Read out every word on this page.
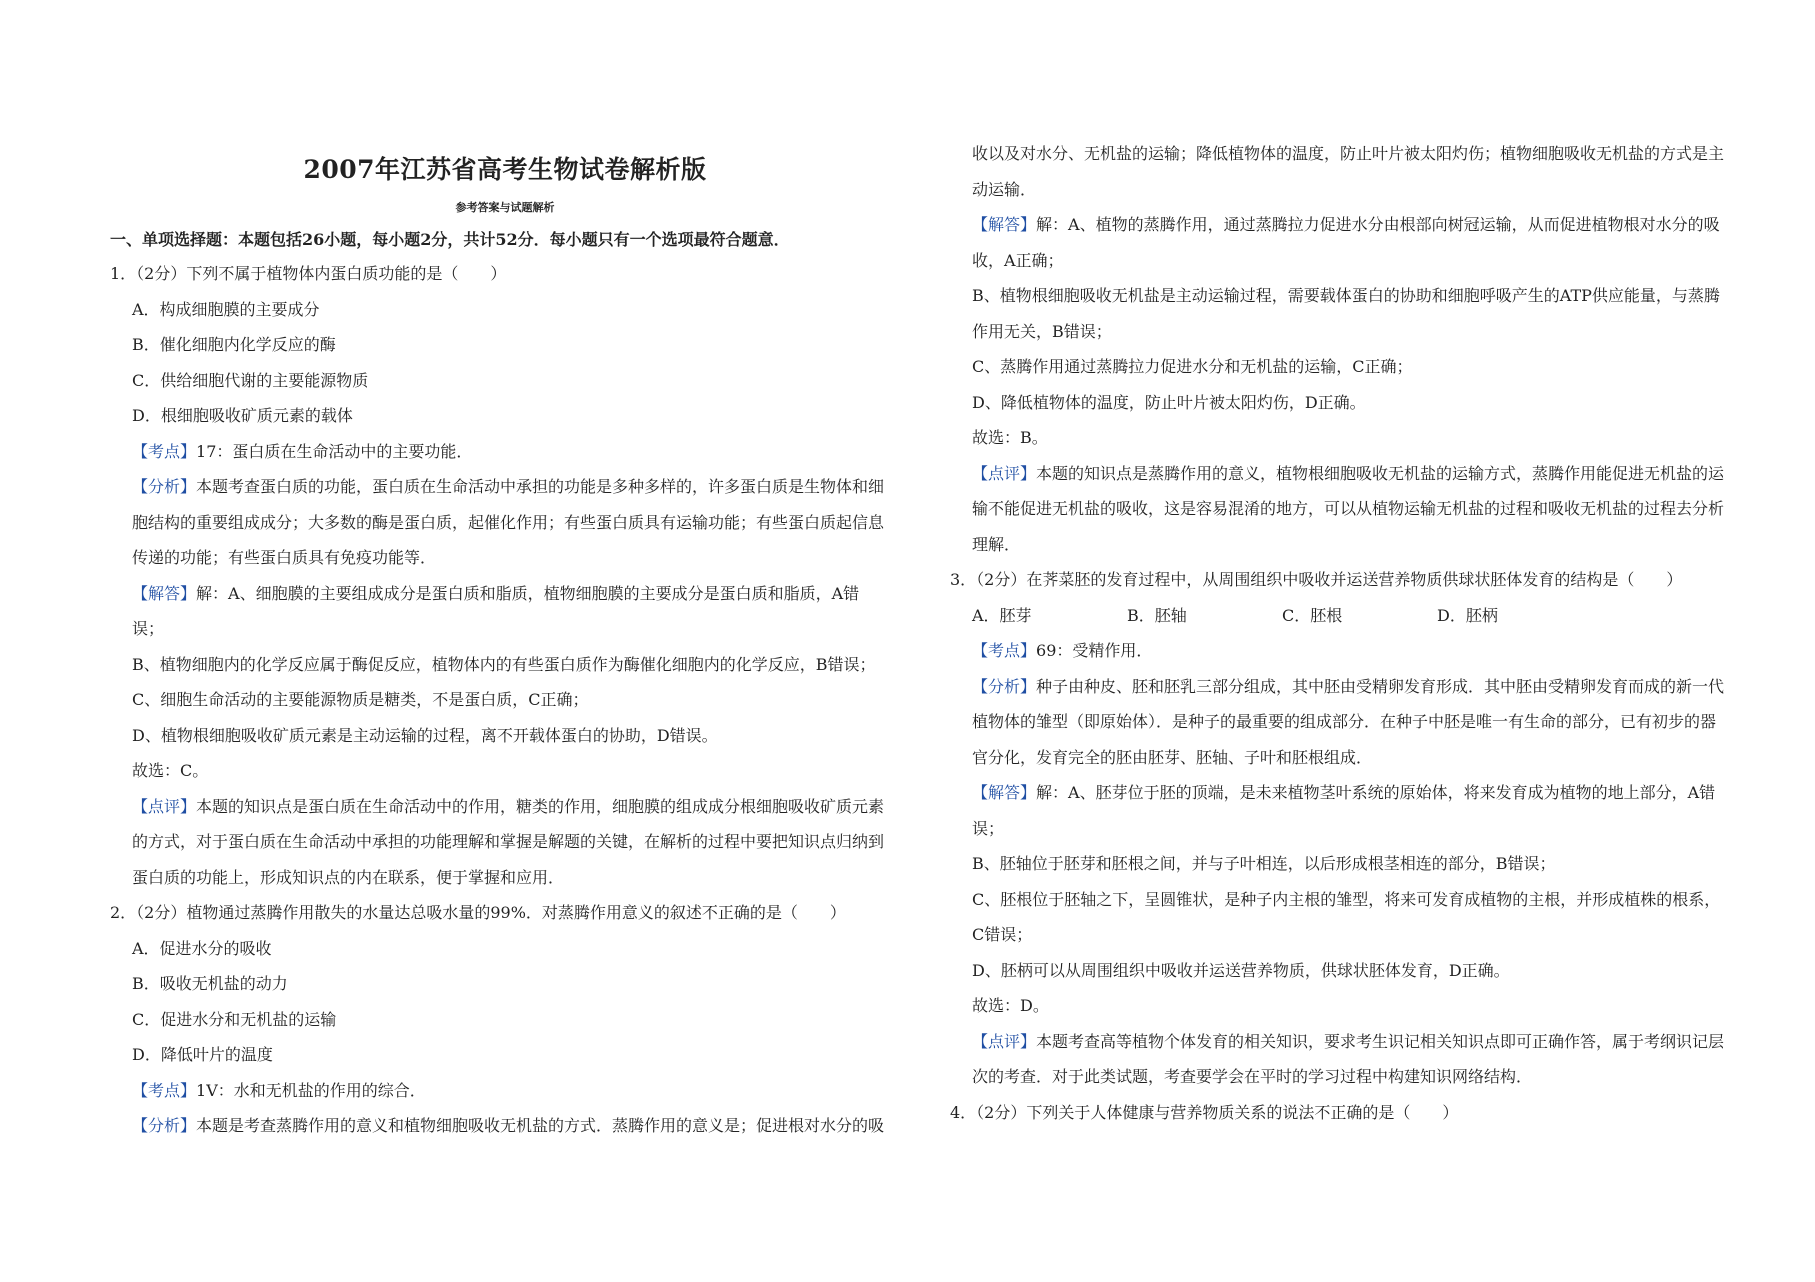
2007年江苏省高考生物试卷解析版
参考答案与试题解析
一、单项选择题：本题包括26小题，每小题2分，共计52分．每小题只有一个选项最符合题意．
1．（2分）下列不属于植物体内蛋白质功能的是（　　）
A．构成细胞膜的主要成分
B．催化细胞内化学反应的酶
C．供给细胞代谢的主要能源物质
D．根细胞吸收矿质元素的载体
【考点】17：蛋白质在生命活动中的主要功能．
【分析】本题考查蛋白质的功能，蛋白质在生命活动中承担的功能是多种多样的，许多蛋白质是生物体和细
胞结构的重要组成成分；大多数的酶是蛋白质，起催化作用；有些蛋白质具有运输功能；有些蛋白质起信息
传递的功能；有些蛋白质具有免疫功能等．
【解答】解：A、细胞膜的主要组成成分是蛋白质和脂质，植物细胞膜的主要成分是蛋白质和脂质，A错
误；
B、植物细胞内的化学反应属于酶促反应，植物体内的有些蛋白质作为酶催化细胞内的化学反应，B错误；
C、细胞生命活动的主要能源物质是糖类，不是蛋白质，C正确；
D、植物根细胞吸收矿质元素是主动运输的过程，离不开载体蛋白的协助，D错误。
故选：C。
【点评】本题的知识点是蛋白质在生命活动中的作用，糖类的作用，细胞膜的组成成分根细胞吸收矿质元素
的方式，对于蛋白质在生命活动中承担的功能理解和掌握是解题的关键，在解析的过程中要把知识点归纳到
蛋白质的功能上，形成知识点的内在联系，便于掌握和应用．
2．（2分）植物通过蒸腾作用散失的水量达总吸水量的99%．对蒸腾作用意义的叙述不正确的是（　　）
A．促进水分的吸收
B．吸收无机盐的动力
C．促进水分和无机盐的运输
D．降低叶片的温度
【考点】1V：水和无机盐的作用的综合．
【分析】本题是考查蒸腾作用的意义和植物细胞吸收无机盐的方式．蒸腾作用的意义是；促进根对水分的吸
收以及对水分、无机盐的运输；降低植物体的温度，防止叶片被太阳灼伤；植物细胞吸收无机盐的方式是主
动运输．
【解答】解：A、植物的蒸腾作用，通过蒸腾拉力促进水分由根部向树冠运输，从而促进植物根对水分的吸
收，A正确；
B、植物根细胞吸收无机盐是主动运输过程，需要载体蛋白的协助和细胞呼吸产生的ATP供应能量，与蒸腾
作用无关，B错误；
C、蒸腾作用通过蒸腾拉力促进水分和无机盐的运输，C正确；
D、降低植物体的温度，防止叶片被太阳灼伤，D正确。
故选：B。
【点评】本题的知识点是蒸腾作用的意义，植物根细胞吸收无机盐的运输方式，蒸腾作用能促进无机盐的运
输不能促进无机盐的吸收，这是容易混淆的地方，可以从植物运输无机盐的过程和吸收无机盐的过程去分析
理解．
3．（2分）在荠菜胚的发育过程中，从周围组织中吸收并运送营养物质供球状胚体发育的结构是（　　）
A．胚芽	B．胚轴	C．胚根	D．胚柄
【考点】69：受精作用．
【分析】种子由种皮、胚和胚乳三部分组成，其中胚由受精卵发育形成．其中胚由受精卵发育而成的新一代
植物体的雏型（即原始体）．是种子的最重要的组成部分．在种子中胚是唯一有生命的部分，已有初步的器
官分化，发育完全的胚由胚芽、胚轴、子叶和胚根组成．
【解答】解：A、胚芽位于胚的顶端，是未来植物茎叶系统的原始体，将来发育成为植物的地上部分，A错
误；
B、胚轴位于胚芽和胚根之间，并与子叶相连，以后形成根茎相连的部分，B错误；
C、胚根位于胚轴之下，呈圆锥状，是种子内主根的雏型，将来可发育成植物的主根，并形成植株的根系，
C错误；
D、胚柄可以从周围组织中吸收并运送营养物质，供球状胚体发育，D正确。
故选：D。
【点评】本题考查高等植物个体发育的相关知识，要求考生识记相关知识点即可正确作答，属于考纲识记层
次的考查．对于此类试题，考查要学会在平时的学习过程中构建知识网络结构．
4．（2分）下列关于人体健康与营养物质关系的说法不正确的是（　　）
